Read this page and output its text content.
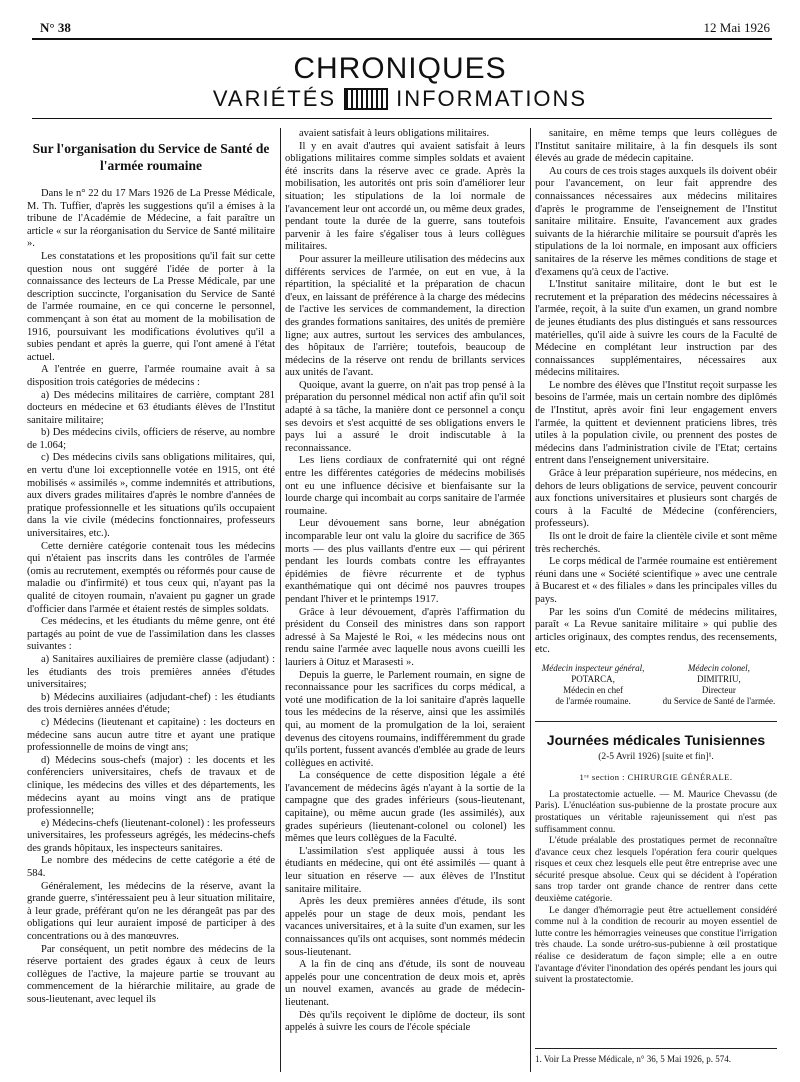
N° 38	12 Mai 1926
CHRONIQUES
VARIÉTÉS	INFORMATIONS
Sur l'organisation du Service de Santé de l'armée roumaine

Dans le n° 22 du 17 Mars 1926 de La Presse Médicale, M. Th. Tuffier, d'après les suggestions qu'il a émises à la tribune de l'Académie de Médecine, a fait paraître un article « sur la réorganisation du Service de Santé militaire ».

Les constatations et les propositions qu'il fait sur cette question nous ont suggéré l'idée de porter à la connaissance des lecteurs de La Presse Médicale, par une description succincte, l'organisation du Service de Santé de l'armée roumaine, en ce qui concerne le personnel, commençant à son état au moment de la mobilisation de 1916, poursuivant les modifications évolutives qu'il a subies pendant et après la guerre, qui l'ont amené à l'état actuel.

A l'entrée en guerre, l'armée roumaine avait à sa disposition trois catégories de médecins :

a) Des médecins militaires de carrière, comptant 281 docteurs en médecine et 63 étudiants élèves de l'Institut sanitaire militaire;

b) Des médecins civils, officiers de réserve, au nombre de 1.064;

c) Des médecins civils sans obligations militaires, qui, en vertu d'une loi exceptionnelle votée en 1915, ont été mobilisés « assimilés », comme indemnités et attributions, aux divers grades militaires d'après le nombre d'années de pratique professionnelle et les situations qu'ils occupaient dans la vie civile (médecins fonctionnaires, professeurs universitaires, etc.).

Cette dernière catégorie contenait tous les médecins qui n'étaient pas inscrits dans les contrôles de l'armée (omis au recrutement, exemptés ou réformés pour cause de maladie ou d'infirmité) et tous ceux qui, n'ayant pas la qualité de citoyen roumain, n'avaient pu gagner un grade d'officier dans l'armée et étaient restés de simples soldats.

Ces médecins, et les étudiants du même genre, ont été partagés au point de vue de l'assimilation dans les classes suivantes :

a) Sanitaires auxiliaires de première classe (adjudant) : les étudiants des trois premières années d'études universitaires;

b) Médecins auxiliaires (adjudant-chef) : les étudiants des trois dernières années d'étude;

c) Médecins (lieutenant et capitaine) : les docteurs en médecine sans aucun autre titre et ayant une pratique professionnelle de moins de vingt ans;

d) Médecins sous-chefs (major) : les docents et les conférenciers universitaires, chefs de travaux et de clinique, les médecins des villes et des départements, les médecins ayant au moins vingt ans de pratique professionnelle;

e) Médecins-chefs (lieutenant-colonel) : les professeurs universitaires, les professeurs agrégés, les médecins-chefs des grands hôpitaux, les inspecteurs sanitaires.

Le nombre des médecins de cette catégorie a été de 584.

Généralement, les médecins de la réserve, avant la grande guerre, s'intéressaient peu à leur situation militaire, à leur grade, préférant qu'on ne les dérangeât pas par des obligations qui leur auraient imposé de participer à des concentrations ou à des manœuvres.

Par conséquent, un petit nombre des médecins de la réserve portaient des grades égaux à ceux de leurs collègues de l'active, la majeure partie se trouvant au commencement de la hiérarchie militaire, au grade de sous-lieutenant, avec lequel ils

avaient satisfait à leurs obligations militaires.

Il y en avait d'autres qui avaient satisfait à leurs obligations militaires comme simples soldats et avaient été inscrits dans la réserve avec ce grade. Après la mobilisation, les autorités ont pris soin d'améliorer leur situation; les stipulations de la loi normale de l'avancement leur ont accordé un, ou même deux grades, pendant toute la durée de la guerre, sans toutefois parvenir à les faire s'égaliser tous à leurs collègues militaires.

Pour assurer la meilleure utilisation des médecins aux différents services de l'armée, on eut en vue, à la répartition, la spécialité et la préparation de chacun d'eux, en laissant de préférence à la charge des médecins de l'active les services de commandement, la direction des grandes formations sanitaires, des unités de première ligne; aux autres, surtout les services des ambulances, des hôpitaux de l'arrière; toutefois, beaucoup de médecins de la réserve ont rendu de brillants services aux unités de l'avant.

Quoique, avant la guerre, on n'ait pas trop pensé à la préparation du personnel médical non actif afin qu'il soit adapté à sa tâche, la manière dont ce personnel a conçu ses devoirs et s'est acquitté de ses obligations envers le pays lui a assuré le droit indiscutable à la reconnaissance.

Les liens cordiaux de confraternité qui ont régné entre les différentes catégories de médecins mobilisés ont eu une influence décisive et bienfaisante sur la lourde charge qui incombait au corps sanitaire de l'armée roumaine.

Leur dévouement sans borne, leur abnégation incomparable leur ont valu la gloire du sacrifice de 365 morts — des plus vaillants d'entre eux — qui périrent pendant les lourds combats contre les effrayantes épidémies de fièvre récurrente et de typhus exanthématique qui ont décimé nos pauvres troupes pendant l'hiver et le printemps 1917.

Grâce à leur dévouement, d'après l'affirmation du président du Conseil des ministres dans son rapport adressé à Sa Majesté le Roi, « les médecins nous ont rendu saine l'armée avec laquelle nous avons cueilli les lauriers à Oituz et Marasesti ».

Depuis la guerre, le Parlement roumain, en signe de reconnaissance pour les sacrifices du corps médical, a voté une modification de la loi sanitaire d'après laquelle tous les médecins de la réserve, ainsi que les assimilés qui, au moment de la promulgation de la loi, seraient devenus des citoyens roumains, indifféremment du grade qu'ils portent, fussent avancés d'emblée au grade de leurs collègues en activité.

La conséquence de cette disposition légale a été l'avancement de médecins âgés n'ayant à la sortie de la campagne que des grades inférieurs (sous-lieutenant, capitaine), ou même aucun grade (les assimilés), aux grades supérieurs (lieutenant-colonel ou colonel) les mêmes que leurs collègues de la Faculté.

L'assimilation s'est appliquée aussi à tous les étudiants en médecine, qui ont été assimilés — quant à leur situation en réserve — aux élèves de l'Institut sanitaire militaire.

Après les deux premières années d'étude, ils sont appelés pour un stage de deux mois, pendant les vacances universitaires, et à la suite d'un examen, sur les connaissances qu'ils ont acquises, sont nommés médecin sous-lieutenant.

A la fin de cinq ans d'étude, ils sont de nouveau appelés pour une concentration de deux mois et, après un nouvel examen, avancés au grade de médecin-lieutenant.

Dès qu'ils reçoivent le diplôme de docteur, ils sont appelés à suivre les cours de l'école spéciale

sanitaire, en même temps que leurs collègues de l'Institut sanitaire militaire, à la fin desquels ils sont élevés au grade de médecin capitaine.

Au cours de ces trois stages auxquels ils doivent obéir pour l'avancement, on leur fait apprendre des connaissances nécessaires aux médecins militaires d'après le programme de l'enseignement de l'Institut sanitaire militaire. Ensuite, l'avancement aux grades suivants de la hiérarchie militaire se poursuit d'après les stipulations de la loi normale, en imposant aux officiers sanitaires de la réserve les mêmes conditions de stage et d'examens qu'à ceux de l'active.

L'Institut sanitaire militaire, dont le but est le recrutement et la préparation des médecins nécessaires à l'armée, reçoit, à la suite d'un examen, un grand nombre de jeunes étudiants des plus distingués et sans ressources matérielles, qu'il aide à suivre les cours de la Faculté de Médecine en complétant leur instruction par des connaissances supplémentaires, nécessaires aux médecins militaires.

Le nombre des élèves que l'Institut reçoit surpasse les besoins de l'armée, mais un certain nombre des diplômés de l'Institut, après avoir fini leur engagement envers l'armée, la quittent et deviennent praticiens libres, très utiles à la population civile, ou prennent des postes de médecins dans l'administration civile de l'Etat; certains entrent dans l'enseignement universitaire.

Grâce à leur préparation supérieure, nos médecins, en dehors de leurs obligations de service, peuvent concourir aux fonctions universitaires et plusieurs sont chargés de cours à la Faculté de Médecine (conférenciers, professeurs).

Ils ont le droit de faire la clientèle civile et sont même très recherchés.

Le corps médical de l'armée roumaine est entièrement réuni dans une « Société scientifique » avec une centrale à Bucarest et « des filiales » dans les principales villes du pays.

Par les soins d'un Comité de médecins militaires, paraît « La Revue sanitaire militaire » qui publie des articles originaux, des comptes rendus, des recensements, etc.

Médecin inspecteur général,
POTARCA,
Médecin en chef
de l'armée roumaine.
Médecin colonel,
DIMITRIU,
Directeur
du Service de Santé de l'armée.
Journées médicales Tunisiennes
(2-5 Avril 1926) [suite et fin]¹.
1ʳᵉ section : CHIRURGIE GÉNÉRALE.

La prostatectomie actuelle. — M. Maurice Chevassu (de Paris). L'énucléation sus-pubienne de la prostate procure aux prostatiques un véritable rajeunissement qui n'est pas suffisamment connu.

L'étude préalable des prostatiques permet de reconnaître d'avance ceux chez lesquels l'opération fera courir quelques risques et ceux chez lesquels elle peut être entreprise avec une sécurité presque absolue. Ceux qui se décident à l'opération sans trop tarder ont grande chance de rentrer dans cette deuxième catégorie.

Le danger d'hémorragie peut être actuellement considéré comme nul à la condition de recourir au moyen essentiel de lutte contre les hémorragies veineuses que constitue l'irrigation très chaude. La sonde urétro-sus-pubienne à œil prostatique réalise ce desideratum de façon simple; elle a en outre l'avantage d'éviter l'inondation des opérés pendant les jours qui suivent la prostatectomie.

1. Voir La Presse Médicale, n° 36, 5 Mai 1926, p. 574.
